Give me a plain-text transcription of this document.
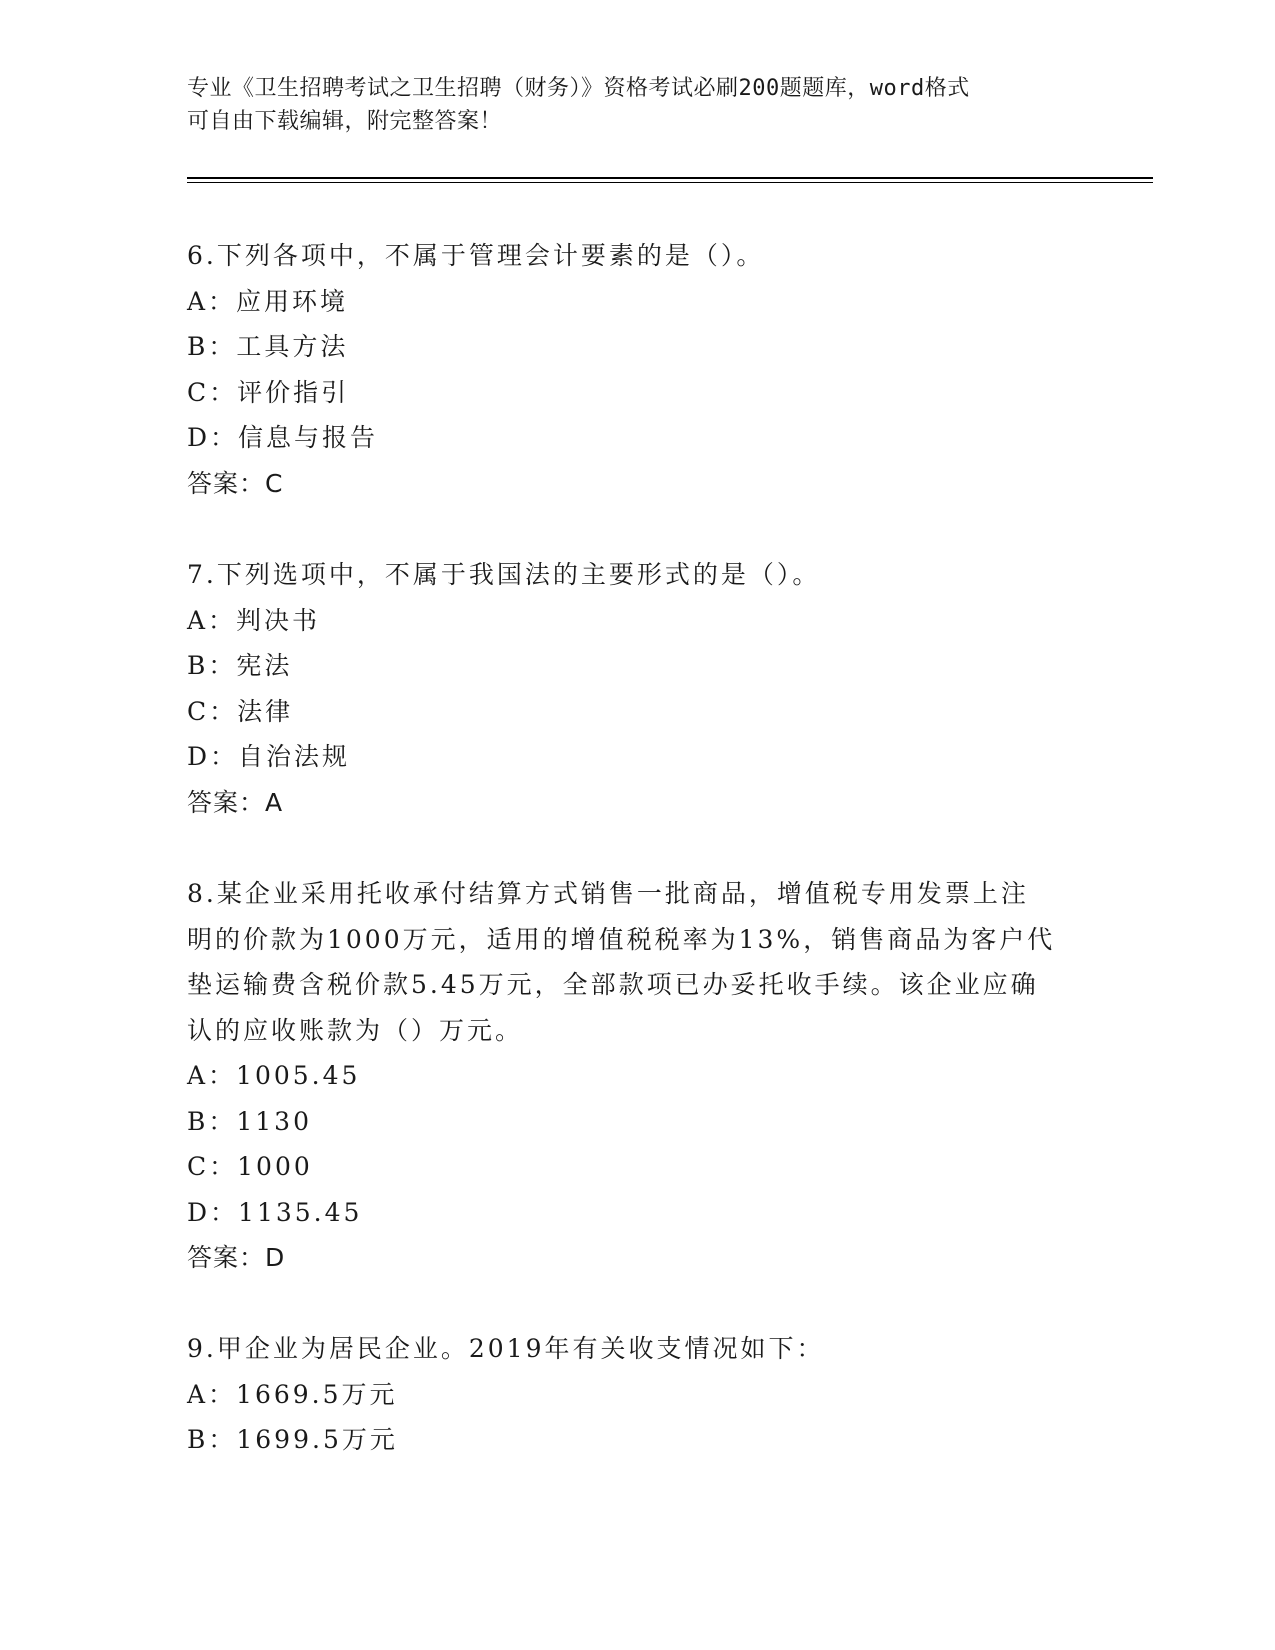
专业《卫生招聘考试之卫生招聘（财务）》资格考试必刷200题题库，word格式
可自由下载编辑，附完整答案！
6.下列各项中，不属于管理会计要素的是（）。
A：应用环境
B：工具方法
C：评价指引
D：信息与报告
答案：C
7.下列选项中，不属于我国法的主要形式的是（）。
A：判决书
B：宪法
C：法律
D：自治法规
答案：A
8.某企业采用托收承付结算方式销售一批商品，增值税专用发票上注
明的价款为1000万元，适用的增值税税率为13%，销售商品为客户代
垫运输费含税价款5.45万元，全部款项已办妥托收手续。该企业应确
认的应收账款为（）万元。
A：1005.45
B：1130
C：1000
D：1135.45
答案：D
9.甲企业为居民企业。2019年有关收支情况如下：
A：1669.5万元
B：1699.5万元
